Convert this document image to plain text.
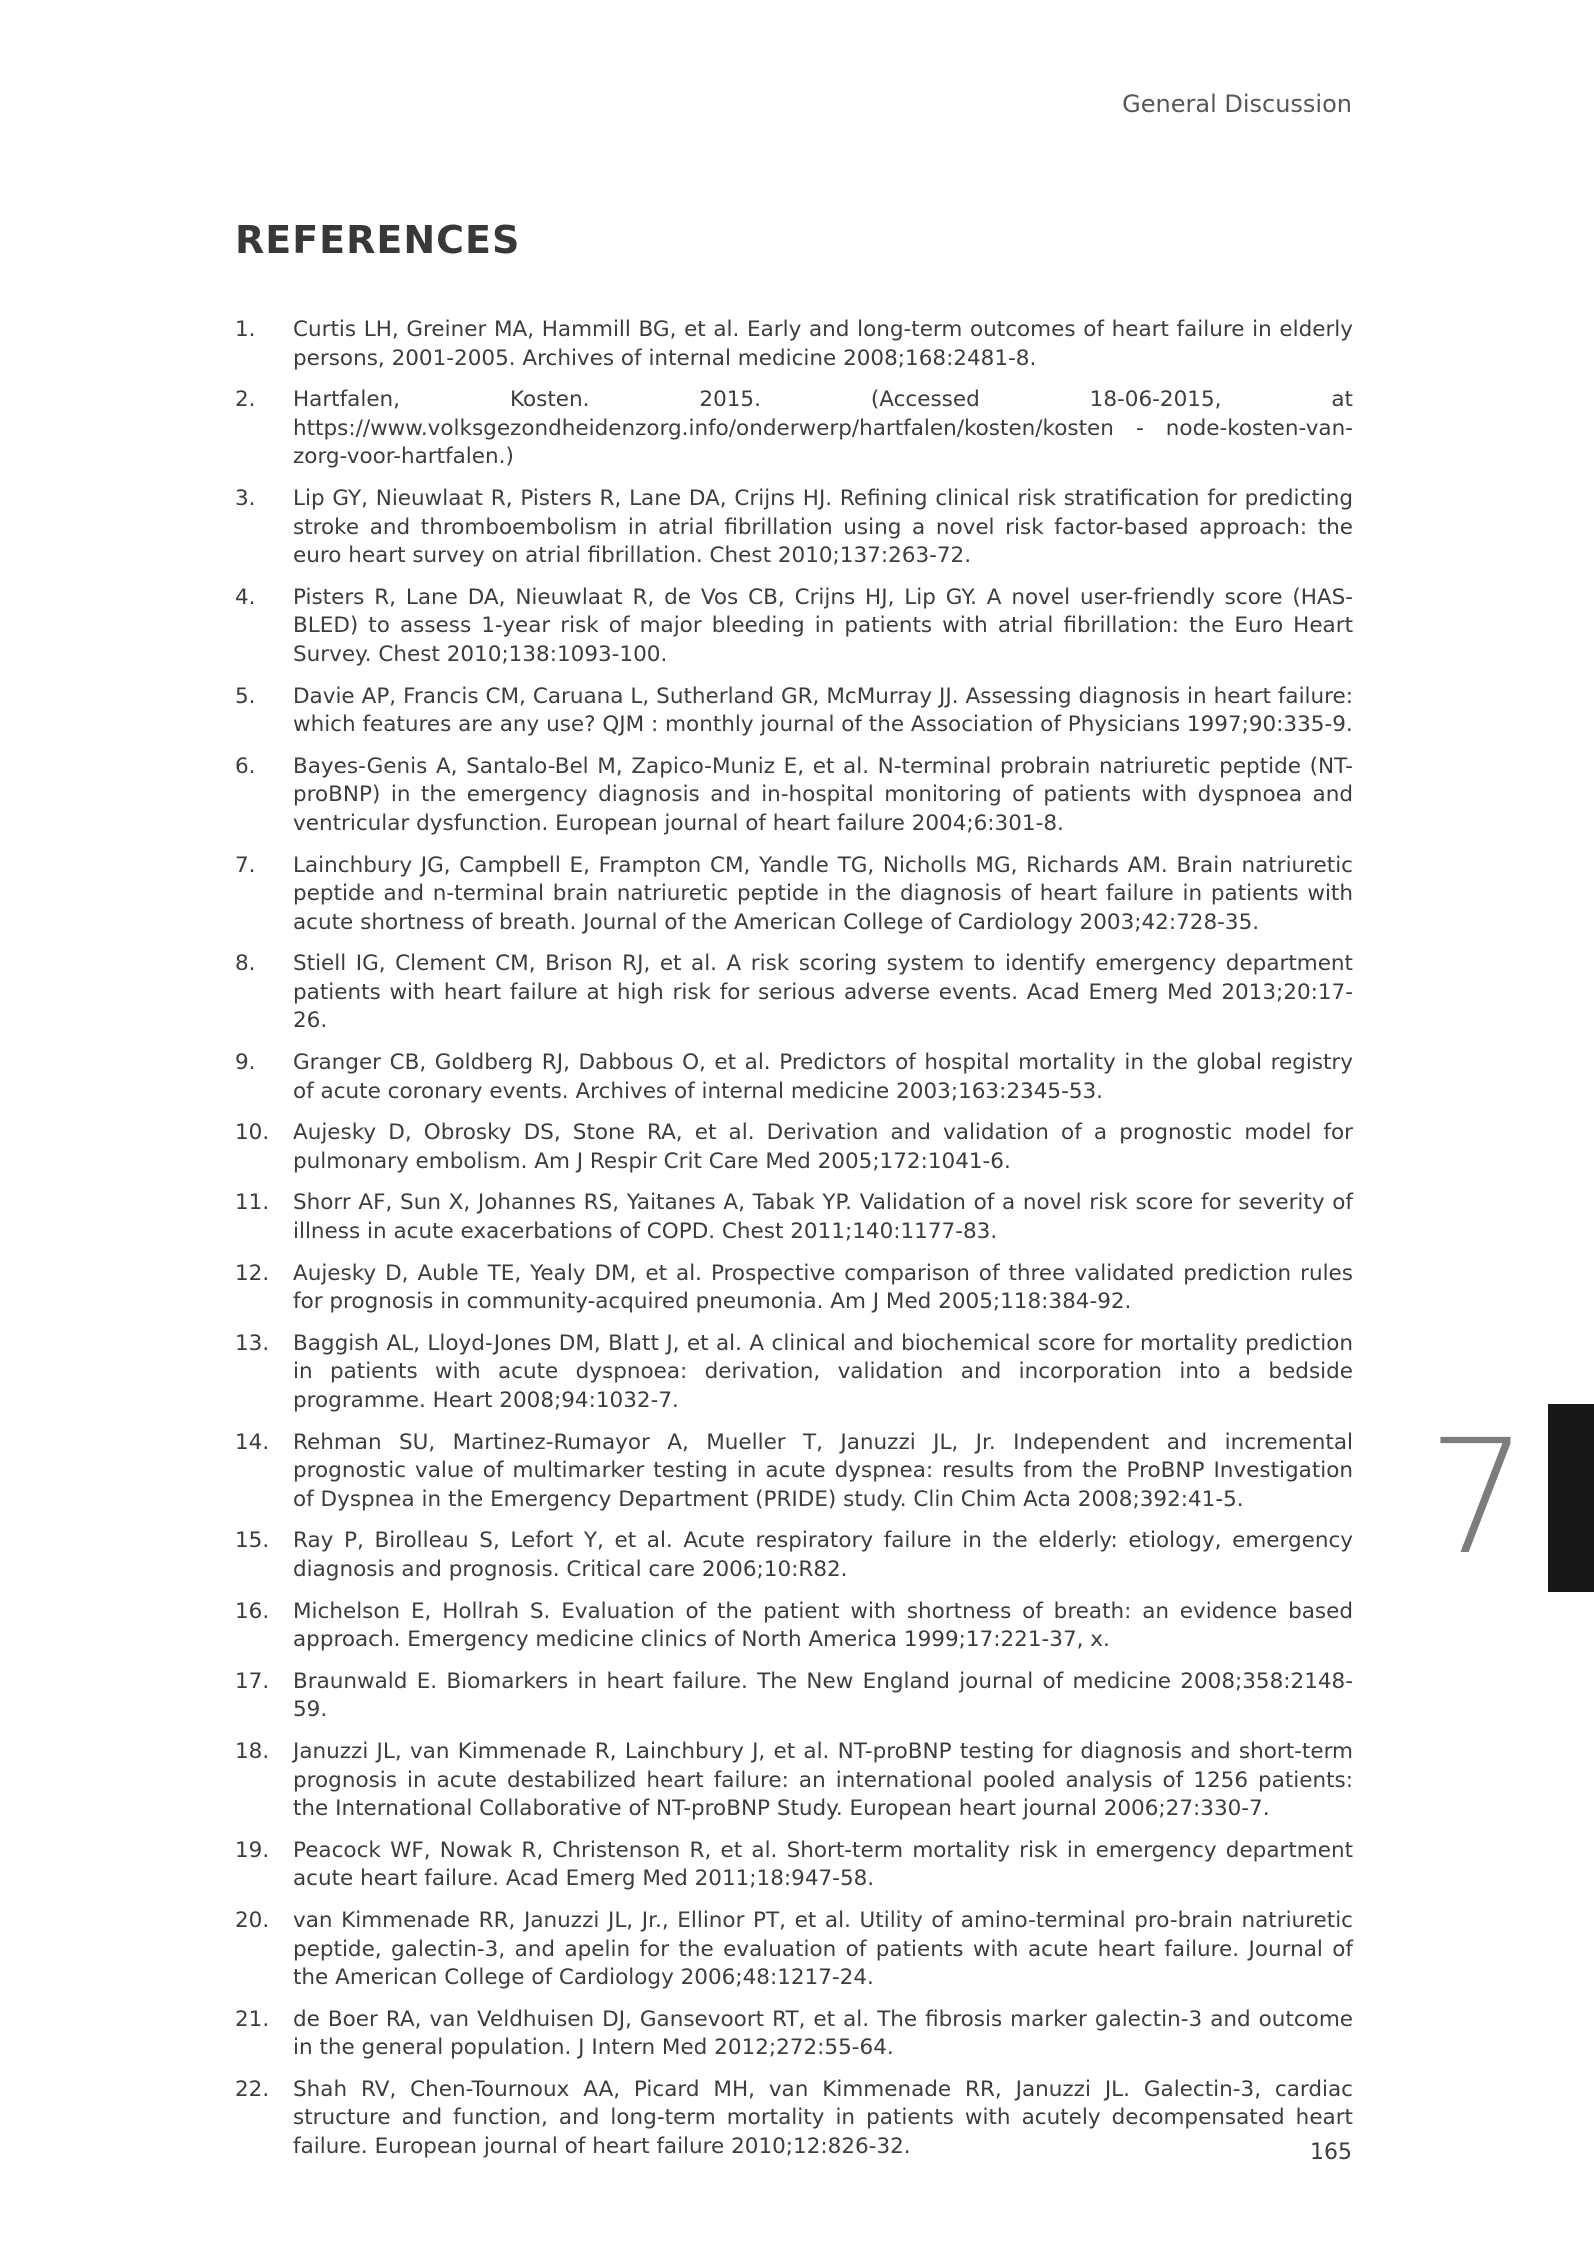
General Discussion
REFERENCES
1.	Curtis LH, Greiner MA, Hammill BG, et al. Early and long-term outcomes of heart failure in elderly persons, 2001-2005. Archives of internal medicine 2008;168:2481-8.
2.	Hartfalen, Kosten. 2015. (Accessed 18-06-2015, at https://www.volksgezondheidenzorg.info/onderwerp/hartfalen/kosten/kosten - node-kosten-van-zorg-voor-hartfalen.)
3.	Lip GY, Nieuwlaat R, Pisters R, Lane DA, Crijns HJ. Refining clinical risk stratification for predicting stroke and thromboembolism in atrial fibrillation using a novel risk factor-based approach: the euro heart survey on atrial fibrillation. Chest 2010;137:263-72.
4.	Pisters R, Lane DA, Nieuwlaat R, de Vos CB, Crijns HJ, Lip GY. A novel user-friendly score (HAS-BLED) to assess 1-year risk of major bleeding in patients with atrial fibrillation: the Euro Heart Survey. Chest 2010;138:1093-100.
5.	Davie AP, Francis CM, Caruana L, Sutherland GR, McMurray JJ. Assessing diagnosis in heart failure: which features are any use? QJM : monthly journal of the Association of Physicians 1997;90:335-9.
6.	Bayes-Genis A, Santalo-Bel M, Zapico-Muniz E, et al. N-terminal probrain natriuretic peptide (NT-proBNP) in the emergency diagnosis and in-hospital monitoring of patients with dyspnoea and ventricular dysfunction. European journal of heart failure 2004;6:301-8.
7.	Lainchbury JG, Campbell E, Frampton CM, Yandle TG, Nicholls MG, Richards AM. Brain natriuretic peptide and n-terminal brain natriuretic peptide in the diagnosis of heart failure in patients with acute shortness of breath. Journal of the American College of Cardiology 2003;42:728-35.
8.	Stiell IG, Clement CM, Brison RJ, et al. A risk scoring system to identify emergency department patients with heart failure at high risk for serious adverse events. Acad Emerg Med 2013;20:17-26.
9.	Granger CB, Goldberg RJ, Dabbous O, et al. Predictors of hospital mortality in the global registry of acute coronary events. Archives of internal medicine 2003;163:2345-53.
10.	Aujesky D, Obrosky DS, Stone RA, et al. Derivation and validation of a prognostic model for pulmonary embolism. Am J Respir Crit Care Med 2005;172:1041-6.
11.	Shorr AF, Sun X, Johannes RS, Yaitanes A, Tabak YP. Validation of a novel risk score for severity of illness in acute exacerbations of COPD. Chest 2011;140:1177-83.
12.	Aujesky D, Auble TE, Yealy DM, et al. Prospective comparison of three validated prediction rules for prognosis in community-acquired pneumonia. Am J Med 2005;118:384-92.
13.	Baggish AL, Lloyd-Jones DM, Blatt J, et al. A clinical and biochemical score for mortality prediction in patients with acute dyspnoea: derivation, validation and incorporation into a bedside programme. Heart 2008;94:1032-7.
14.	Rehman SU, Martinez-Rumayor A, Mueller T, Januzzi JL, Jr. Independent and incremental prognostic value of multimarker testing in acute dyspnea: results from the ProBNP Investigation of Dyspnea in the Emergency Department (PRIDE) study. Clin Chim Acta 2008;392:41-5.
15.	Ray P, Birolleau S, Lefort Y, et al. Acute respiratory failure in the elderly: etiology, emergency diagnosis and prognosis. Critical care 2006;10:R82.
16.	Michelson E, Hollrah S. Evaluation of the patient with shortness of breath: an evidence based approach. Emergency medicine clinics of North America 1999;17:221-37, x.
17.	Braunwald E. Biomarkers in heart failure. The New England journal of medicine 2008;358:2148-59.
18.	Januzzi JL, van Kimmenade R, Lainchbury J, et al. NT-proBNP testing for diagnosis and short-term prognosis in acute destabilized heart failure: an international pooled analysis of 1256 patients: the International Collaborative of NT-proBNP Study. European heart journal 2006;27:330-7.
19.	Peacock WF, Nowak R, Christenson R, et al. Short-term mortality risk in emergency department acute heart failure. Acad Emerg Med 2011;18:947-58.
20.	van Kimmenade RR, Januzzi JL, Jr., Ellinor PT, et al. Utility of amino-terminal pro-brain natriuretic peptide, galectin-3, and apelin for the evaluation of patients with acute heart failure. Journal of the American College of Cardiology 2006;48:1217-24.
21.	de Boer RA, van Veldhuisen DJ, Gansevoort RT, et al. The fibrosis marker galectin-3 and outcome in the general population. J Intern Med 2012;272:55-64.
22.	Shah RV, Chen-Tournoux AA, Picard MH, van Kimmenade RR, Januzzi JL. Galectin-3, cardiac structure and function, and long-term mortality in patients with acutely decompensated heart failure. European journal of heart failure 2010;12:826-32.
7
165
